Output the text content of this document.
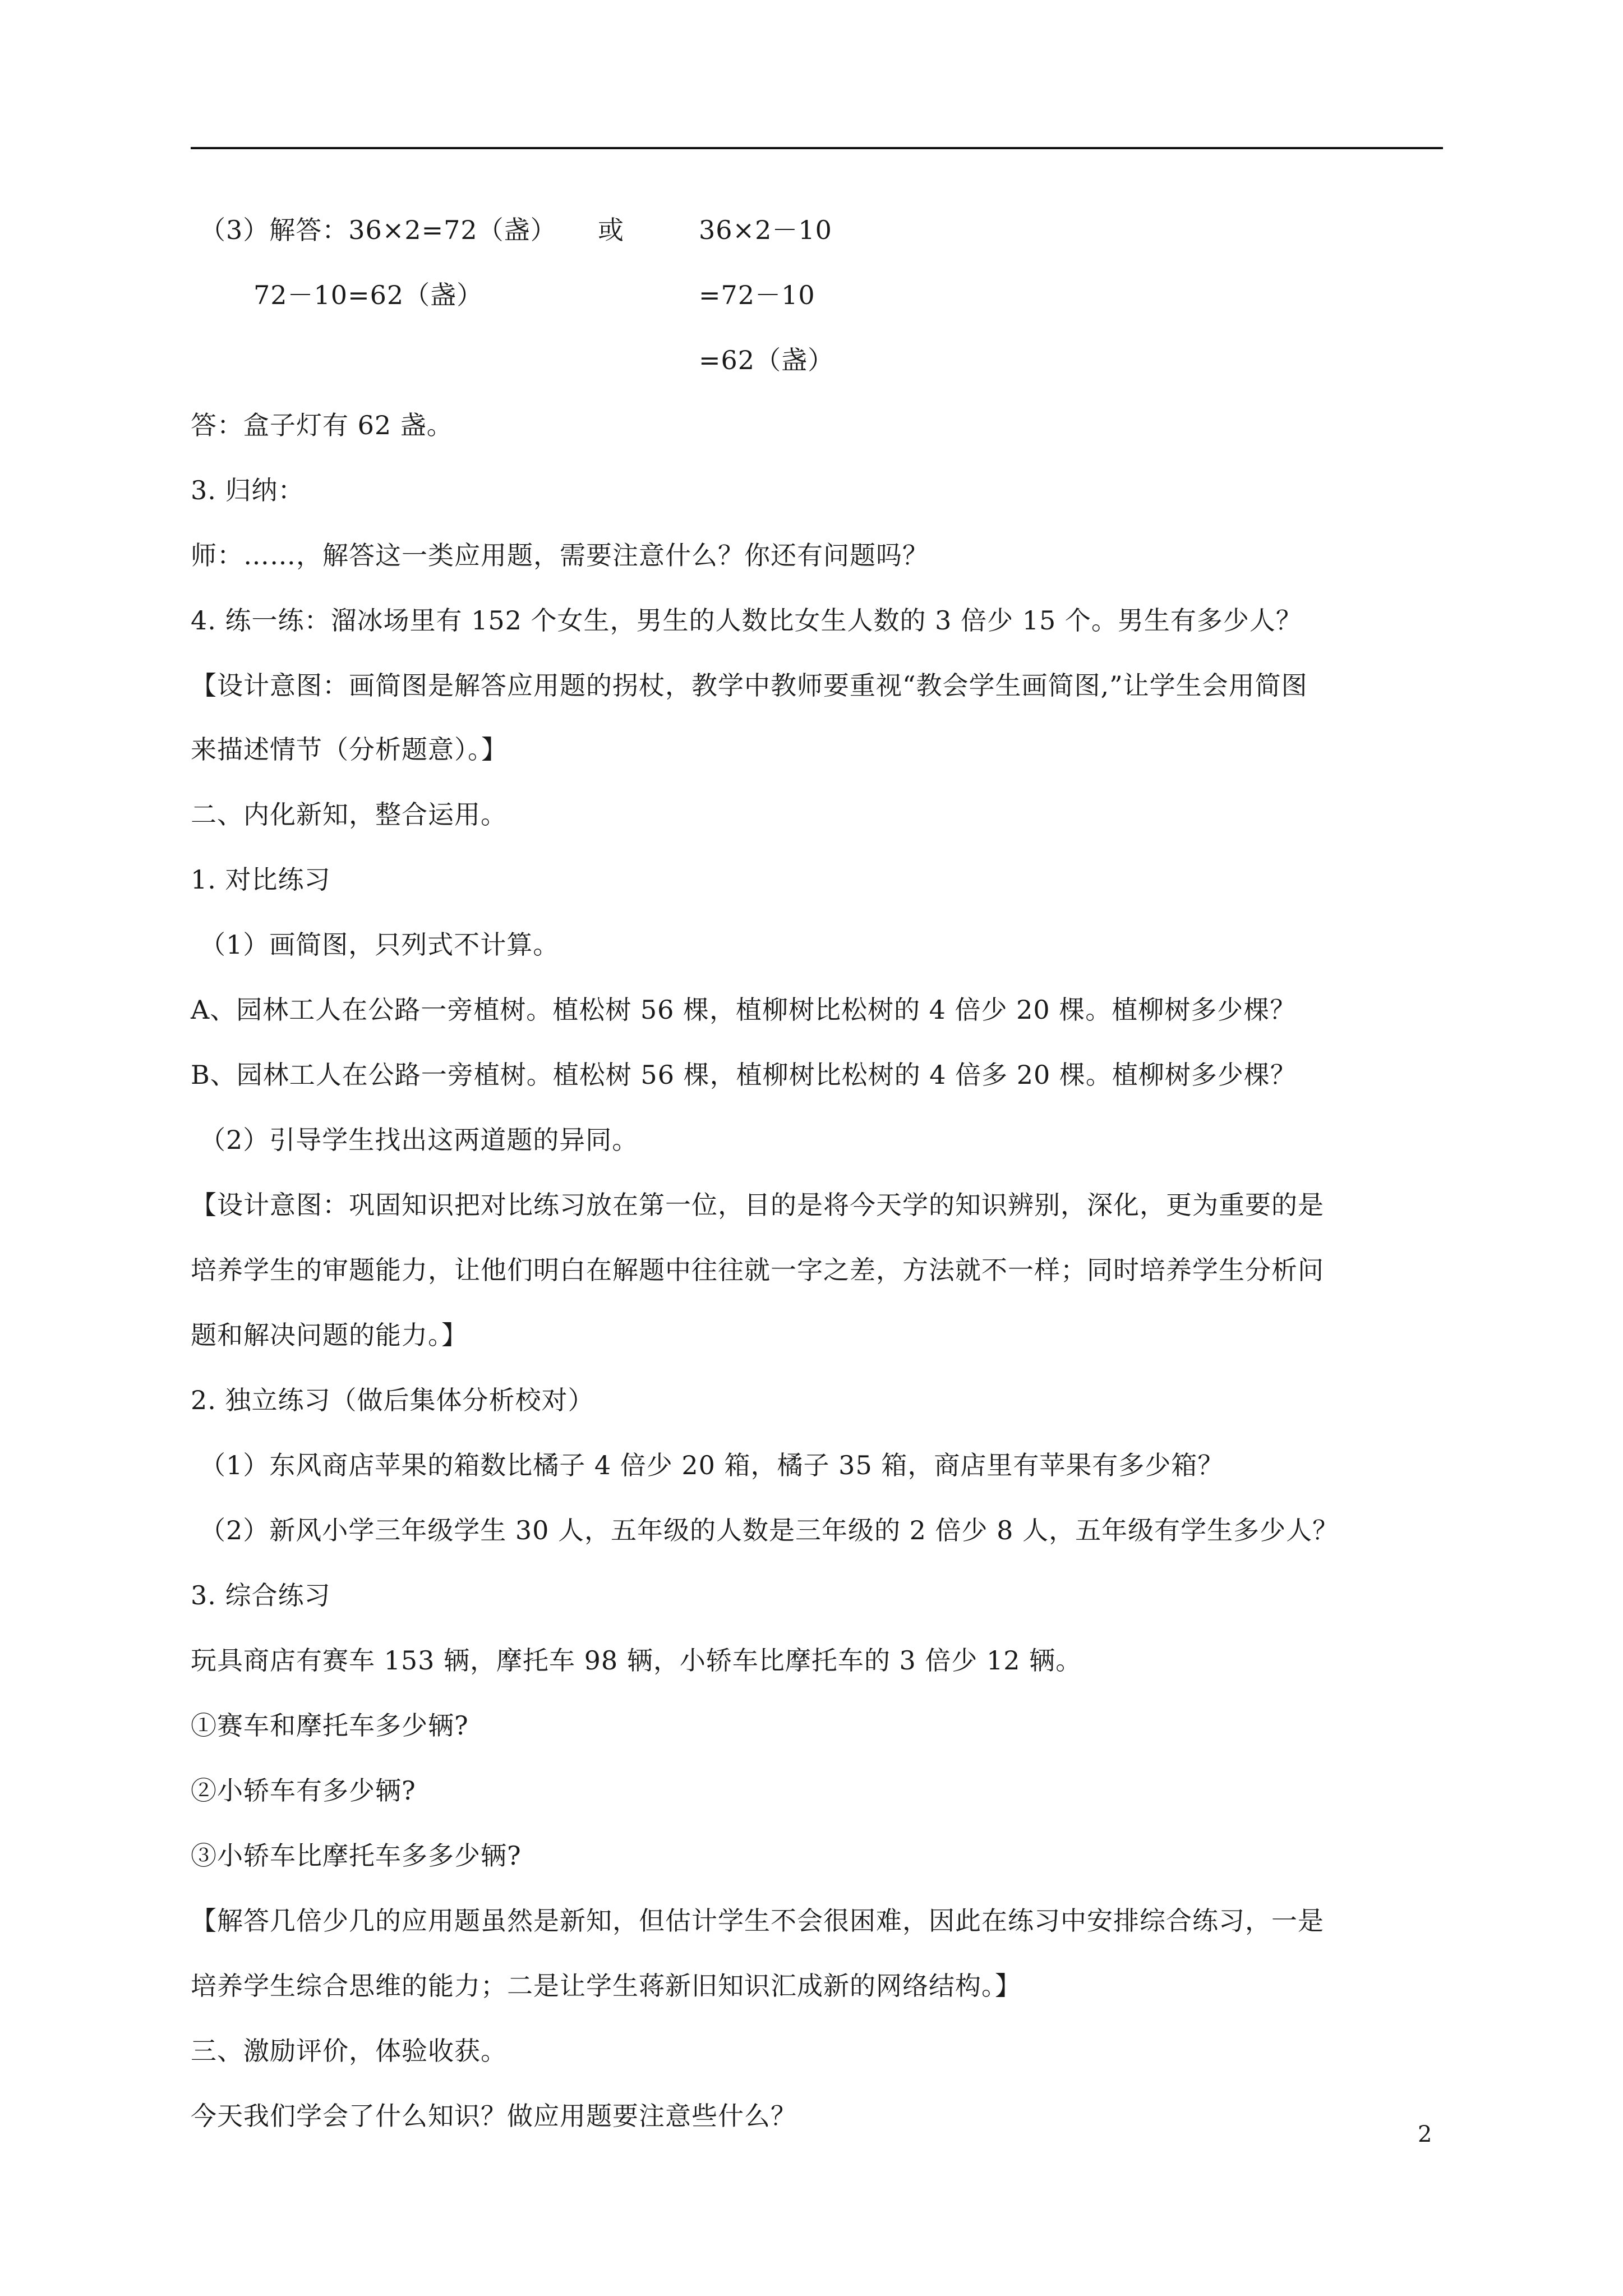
（3）解答：36×2=72（盏） 或	36×2－10
72－10=62（盏）	=72－10
=62（盏）
答：盒子灯有 62 盏。
3. 归纳：
师：……，解答这一类应用题，需要注意什么？你还有问题吗？
4. 练一练：溜冰场里有 152 个女生，男生的人数比女生人数的 3 倍少 15 个。男生有多少人？
【设计意图：画简图是解答应用题的拐杖，教学中教师要重视“教会学生画简图,”让学生会用简图
来描述情节（分析题意）。】
二、内化新知，整合运用。
1. 对比练习
（1）画简图，只列式不计算。
A、园林工人在公路一旁植树。植松树 56 棵，植柳树比松树的 4 倍少 20 棵。植柳树多少棵？
B、园林工人在公路一旁植树。植松树 56 棵，植柳树比松树的 4 倍多 20 棵。植柳树多少棵？
（2）引导学生找出这两道题的异同。
【设计意图：巩固知识把对比练习放在第一位，目的是将今天学的知识辨别，深化，更为重要的是
培养学生的审题能力，让他们明白在解题中往往就一字之差，方法就不一样；同时培养学生分析问
题和解决问题的能力。】
2. 独立练习（做后集体分析校对）
（1）东风商店苹果的箱数比橘子 4 倍少 20 箱，橘子 35 箱，商店里有苹果有多少箱？
（2）新风小学三年级学生 30 人，五年级的人数是三年级的 2 倍少 8 人，五年级有学生多少人？
3. 综合练习
玩具商店有赛车 153 辆，摩托车 98 辆，小轿车比摩托车的 3 倍少 12 辆。
①赛车和摩托车多少辆?
②小轿车有多少辆?
③小轿车比摩托车多多少辆?
【解答几倍少几的应用题虽然是新知，但估计学生不会很困难，因此在练习中安排综合练习，一是
培养学生综合思维的能力；二是让学生蒋新旧知识汇成新的网络结构。】
三、激励评价，体验收获。
今天我们学会了什么知识？做应用题要注意些什么？
2
